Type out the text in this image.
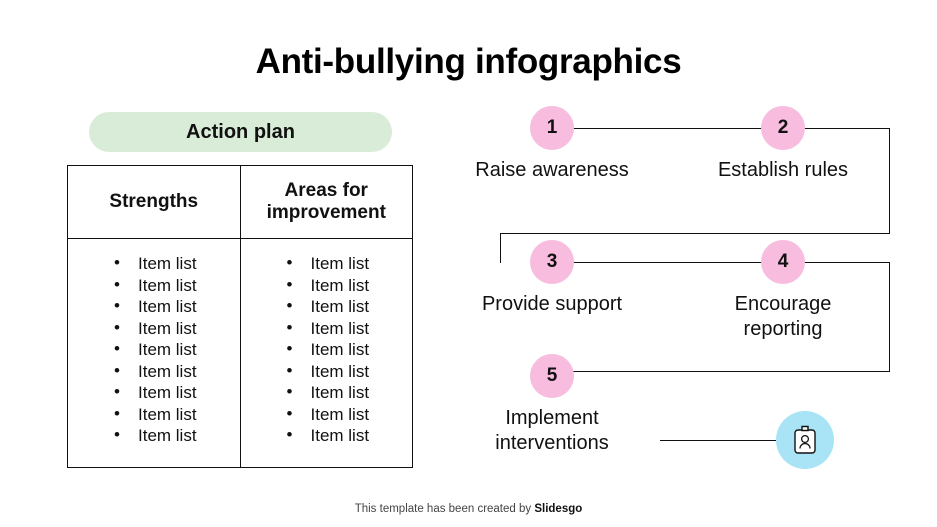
Anti-bullying infographics
Action plan
Strengths
Areas for improvement
• Item list
• Item list
• Item list
• Item list
• Item list
• Item list
• Item list
• Item list
• Item list
• Item list
• Item list
• Item list
• Item list
• Item list
• Item list
• Item list
• Item list
• Item list
1
Raise awareness
2
Establish rules
3
Provide support
4
Encourage reporting
5
Implement interventions
This template has been created by Slidesgo
